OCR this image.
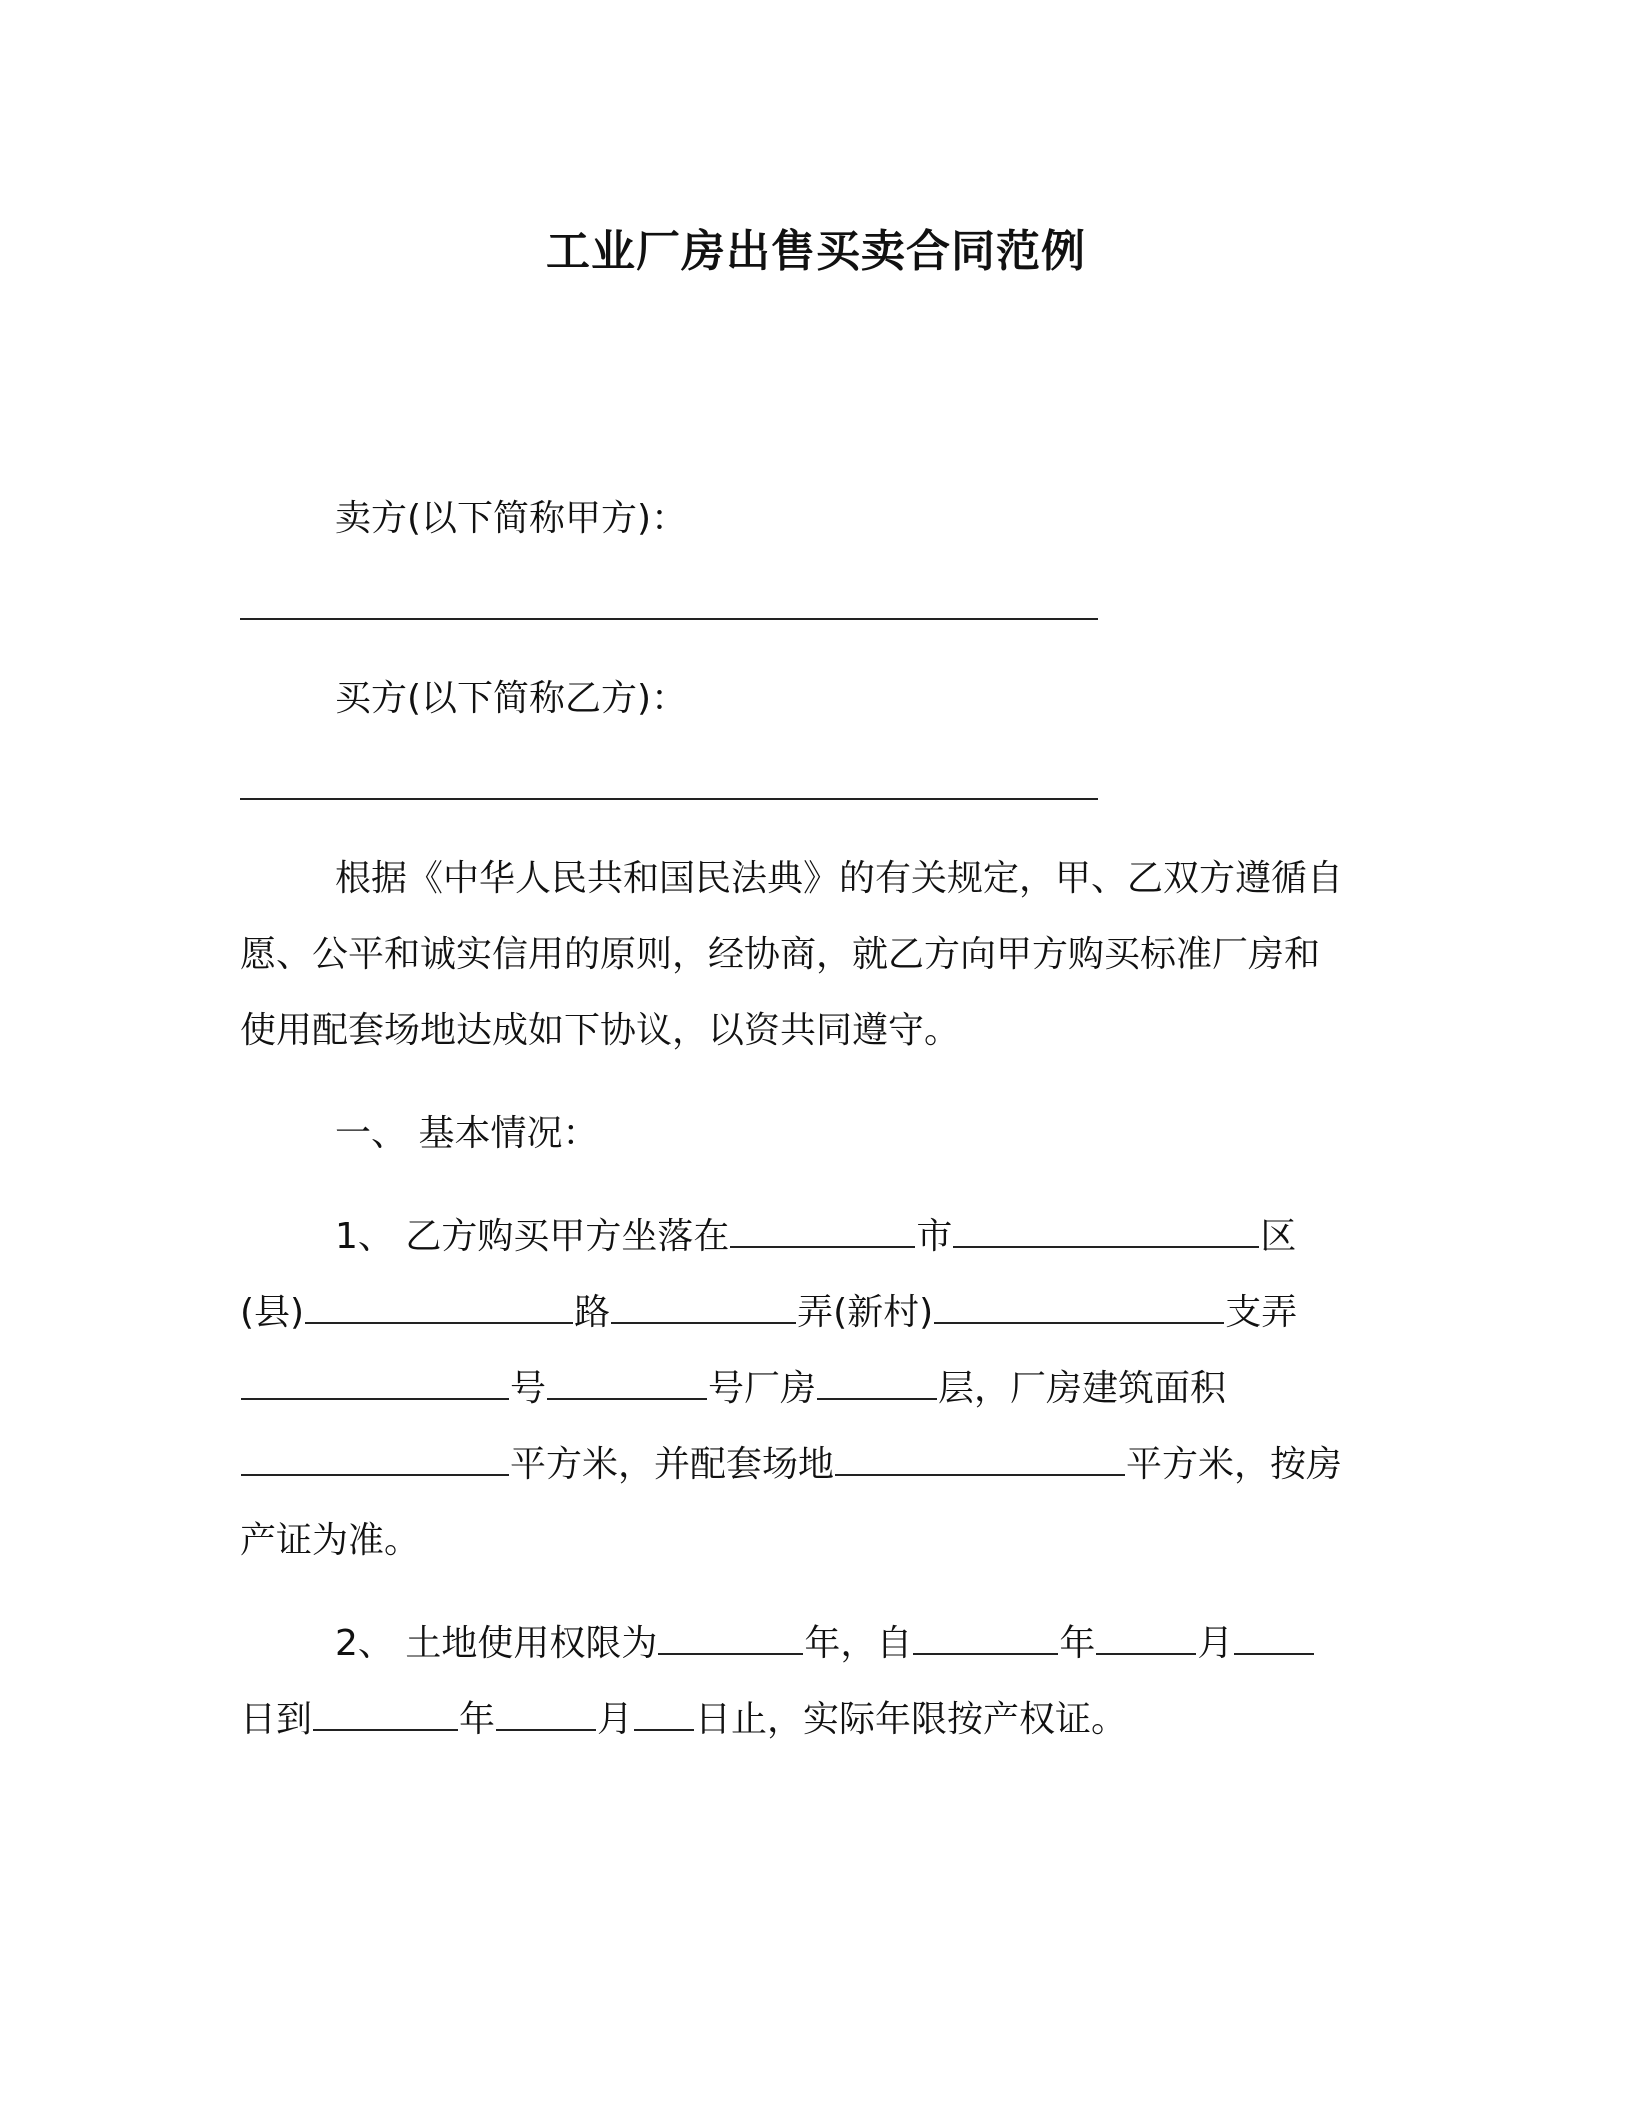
工业厂房出售买卖合同范例
卖方(以下简称甲方)：
买方(以下简称乙方)：
根据《中华人民共和国民法典》的有关规定，甲、乙双方遵循自
愿、公平和诚实信用的原则，经协商，就乙方向甲方购买标准厂房和
使用配套场地达成如下协议，以资共同遵守。
一、 基本情况：
1、 乙方购买甲方坐落在	市	区
(县)	路	弄(新村)	支弄
号	号厂房	层，厂房建筑面积
平方米，并配套场地	平方米，按房
产证为准。
2、 土地使用权限为	年，自	年	月
日到	年	月 日止，实际年限按产权证。
